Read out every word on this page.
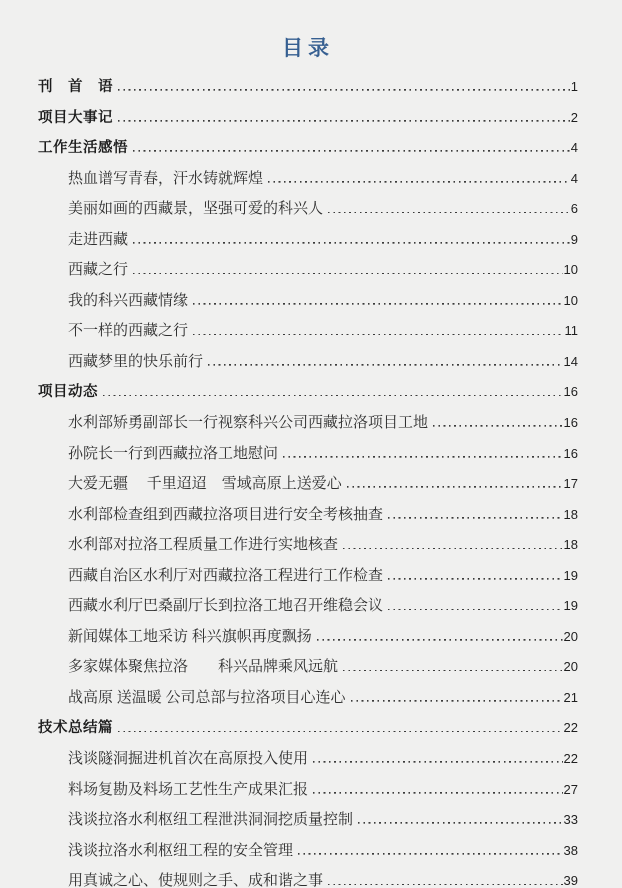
目录
刊　首　语	1
项目大事记	2
工作生活感悟	4
热血谱写青春，汗水铸就辉煌	4
美丽如画的西藏景，坚强可爱的科兴人	6
走进西藏	9
西藏之行	10
我的科兴西藏情缘	10
不一样的西藏之行	11
西藏梦里的快乐前行	14
项目动态	16
水利部矫勇副部长一行视察科兴公司西藏拉洛项目工地	16
孙院长一行到西藏拉洛工地慰问	16
大爱无疆　 千里迢迢　雪域高原上送爱心	17
水利部检查组到西藏拉洛项目进行安全考核抽查	18
水利部对拉洛工程质量工作进行实地核查	18
西藏自治区水利厅对西藏拉洛工程进行工作检查	19
西藏水利厅巴桑副厅长到拉洛工地召开维稳会议	19
新闻媒体工地采访 科兴旗帜再度飘扬	20
多家媒体聚焦拉洛　　科兴品牌乘风远航	20
战高原 送温暖 公司总部与拉洛项目心连心	21
技术总结篇	22
浅谈隧洞掘进机首次在高原投入使用	22
料场复勘及料场工艺性生产成果汇报	27
浅谈拉洛水利枢纽工程泄洪洞洞挖质量控制	33
浅谈拉洛水利枢纽工程的安全管理	38
用真诚之心、使规则之手、成和谐之事	39
